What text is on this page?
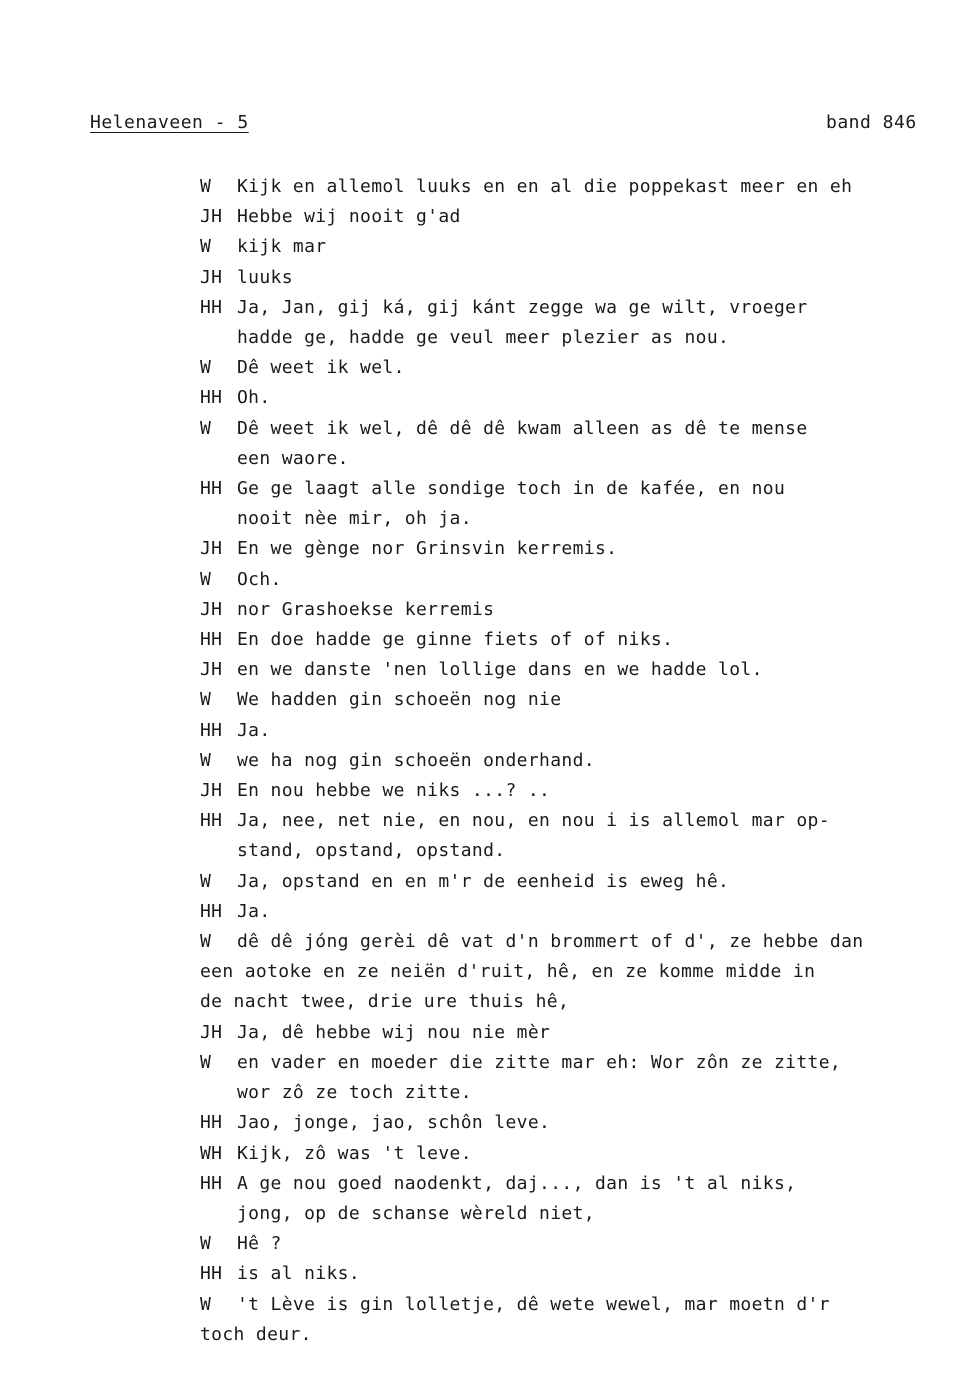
Helenaveen - 5	band 846
W	Kijk en allemol luuks en en al die poppekast meer en eh
JH Hebbe wij nooit g'ad
W	kijk mar
JH luuks
HH Ja, Jan, gij ká, gij kánt zegge wa ge wilt, vroeger
hadde ge, hadde ge veul meer plezier as nou.
W	Dê weet ik wel.
HH Oh.
W	Dê weet ik wel, dê dê dê kwam alleen as dê te mense
een waore.
HH Ge ge laagt alle sondige toch in de kafée, en nou
nooit nèe mir, oh ja.
JH En we gènge nor Grinsvin kerremis.
W	Och.
JH nor Grashoekse kerremis
HH En doe hadde ge ginne fiets of of niks.
JH en we danste 'nen lollige dans en we hadde lol.
W	We hadden gin schoeën nog nie
HH Ja.
W	we ha nog gin schoeën onderhand.
JH En nou hebbe we niks ...? ..
HH Ja, nee, net nie, en nou, en nou i is allemol mar op-
stand, opstand, opstand.
W	Ja, opstand en en m'r de eenheid is eweg hê.
HH Ja.
W	dê dê jóng gerèi dê vat d'n brommert of d', ze hebbe dan
een aotoke en ze neiën d'ruit, hê, en ze komme midde in
de nacht twee, drie ure thuis hê,
JH Ja, dê hebbe wij nou nie mèr
W	en vader en moeder die zitte mar eh: Wor zôn ze zitte,
wor zô ze toch zitte.
HH Jao, jonge, jao, schôn leve.
WH Kijk, zô was 't leve.
HH A ge nou goed naodenkt, daj..., dan is 't al niks,
jong, op de schanse wèreld niet,
W	Hê ?
HH is al niks.
W	't Lève is gin lolletje, dê wete wewel, mar moetn d'r
toch deur.
